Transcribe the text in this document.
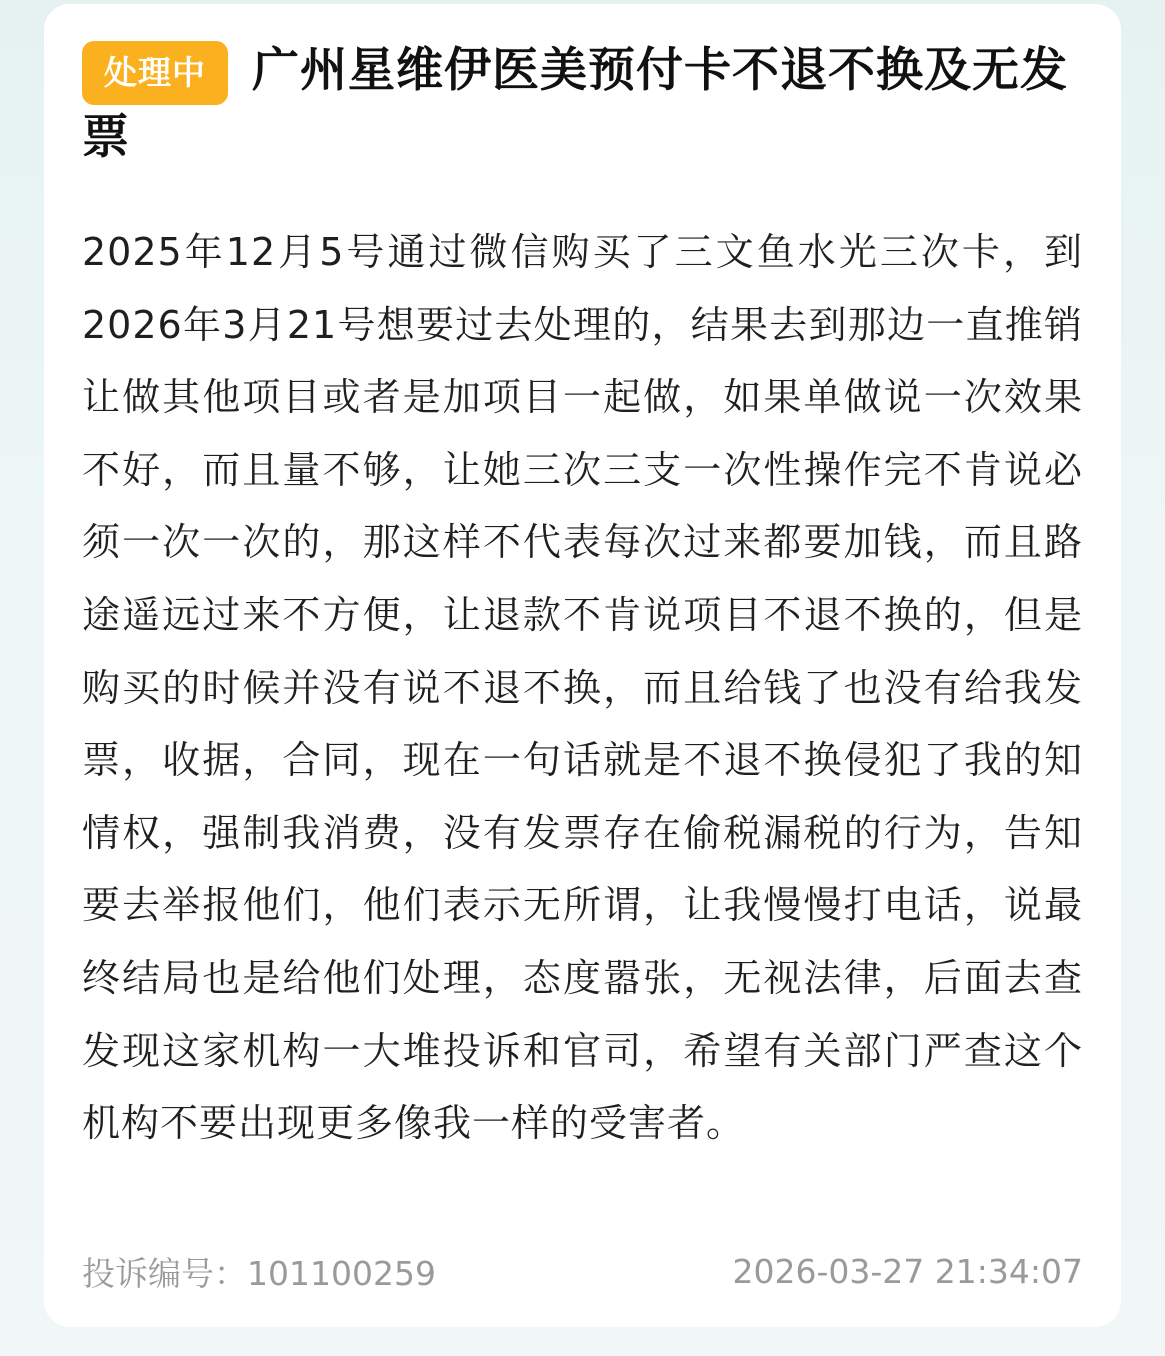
处理中 广州星维伊医美预付卡不退不换及无发票

2025年12月5号通过微信购买了三文鱼水光三次卡，到2026年3月21号想要过去处理的，结果去到那边一直推销让做其他项目或者是加项目一起做，如果单做说一次效果不好，而且量不够，让她三次三支一次性操作完不肯说必须一次一次的，那这样不代表每次过来都要加钱，而且路途遥远过来不方便，让退款不肯说项目不退不换的，但是购买的时候并没有说不退不换，而且给钱了也没有给我发票，收据，合同，现在一句话就是不退不换侵犯了我的知情权，强制我消费，没有发票存在偷税漏税的行为，告知要去举报他们，他们表示无所谓，让我慢慢打电话，说最终结局也是给他们处理，态度嚣张，无视法律，后面去查发现这家机构一大堆投诉和官司，希望有关部门严查这个机构不要出现更多像我一样的受害者。

投诉编号：101100259	2026-03-27 21:34:07
